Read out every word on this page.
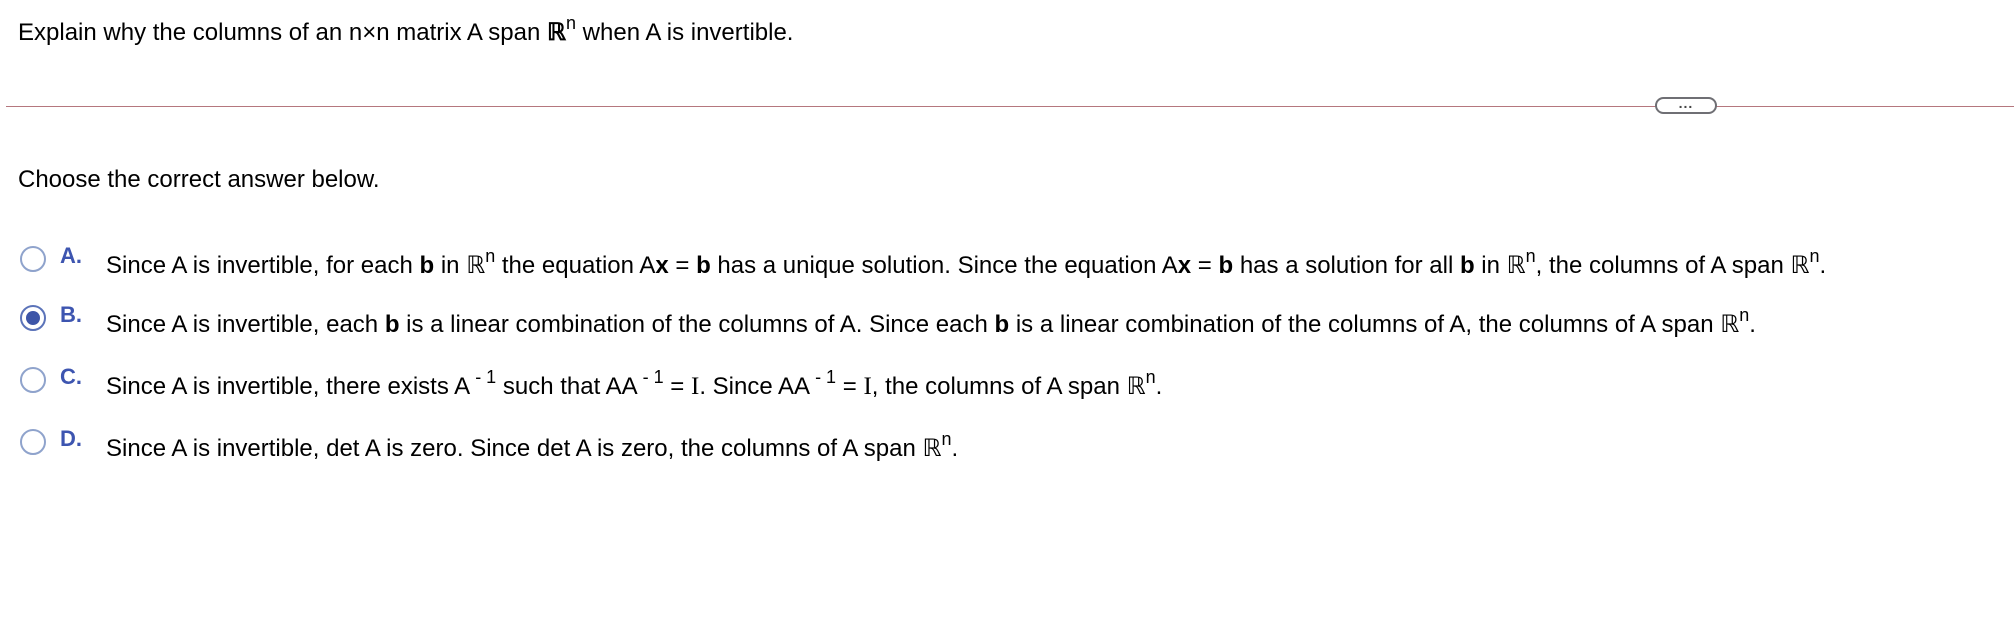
Explain why the columns of an n×n matrix A span ℝ$^n$ when A is invertible.
...
Choose the correct answer below.
A. Since A is invertible, for each b in ℝ$^n$ the equation Ax = b has a unique solution. Since the equation Ax = b has a solution for all b in ℝ$^n$, the columns of A span ℝ$^n$.
B. Since A is invertible, each b is a linear combination of the columns of A. Since each b is a linear combination of the columns of A, the columns of A span ℝ$^n$.
C. Since A is invertible, there exists A $^{- 1}$ such that AA $^{- 1}$ = I. Since AA $^{- 1}$ = I, the columns of A span ℝ$^n$.
D. Since A is invertible, det A is zero. Since det A is zero, the columns of A span ℝ$^n$.
